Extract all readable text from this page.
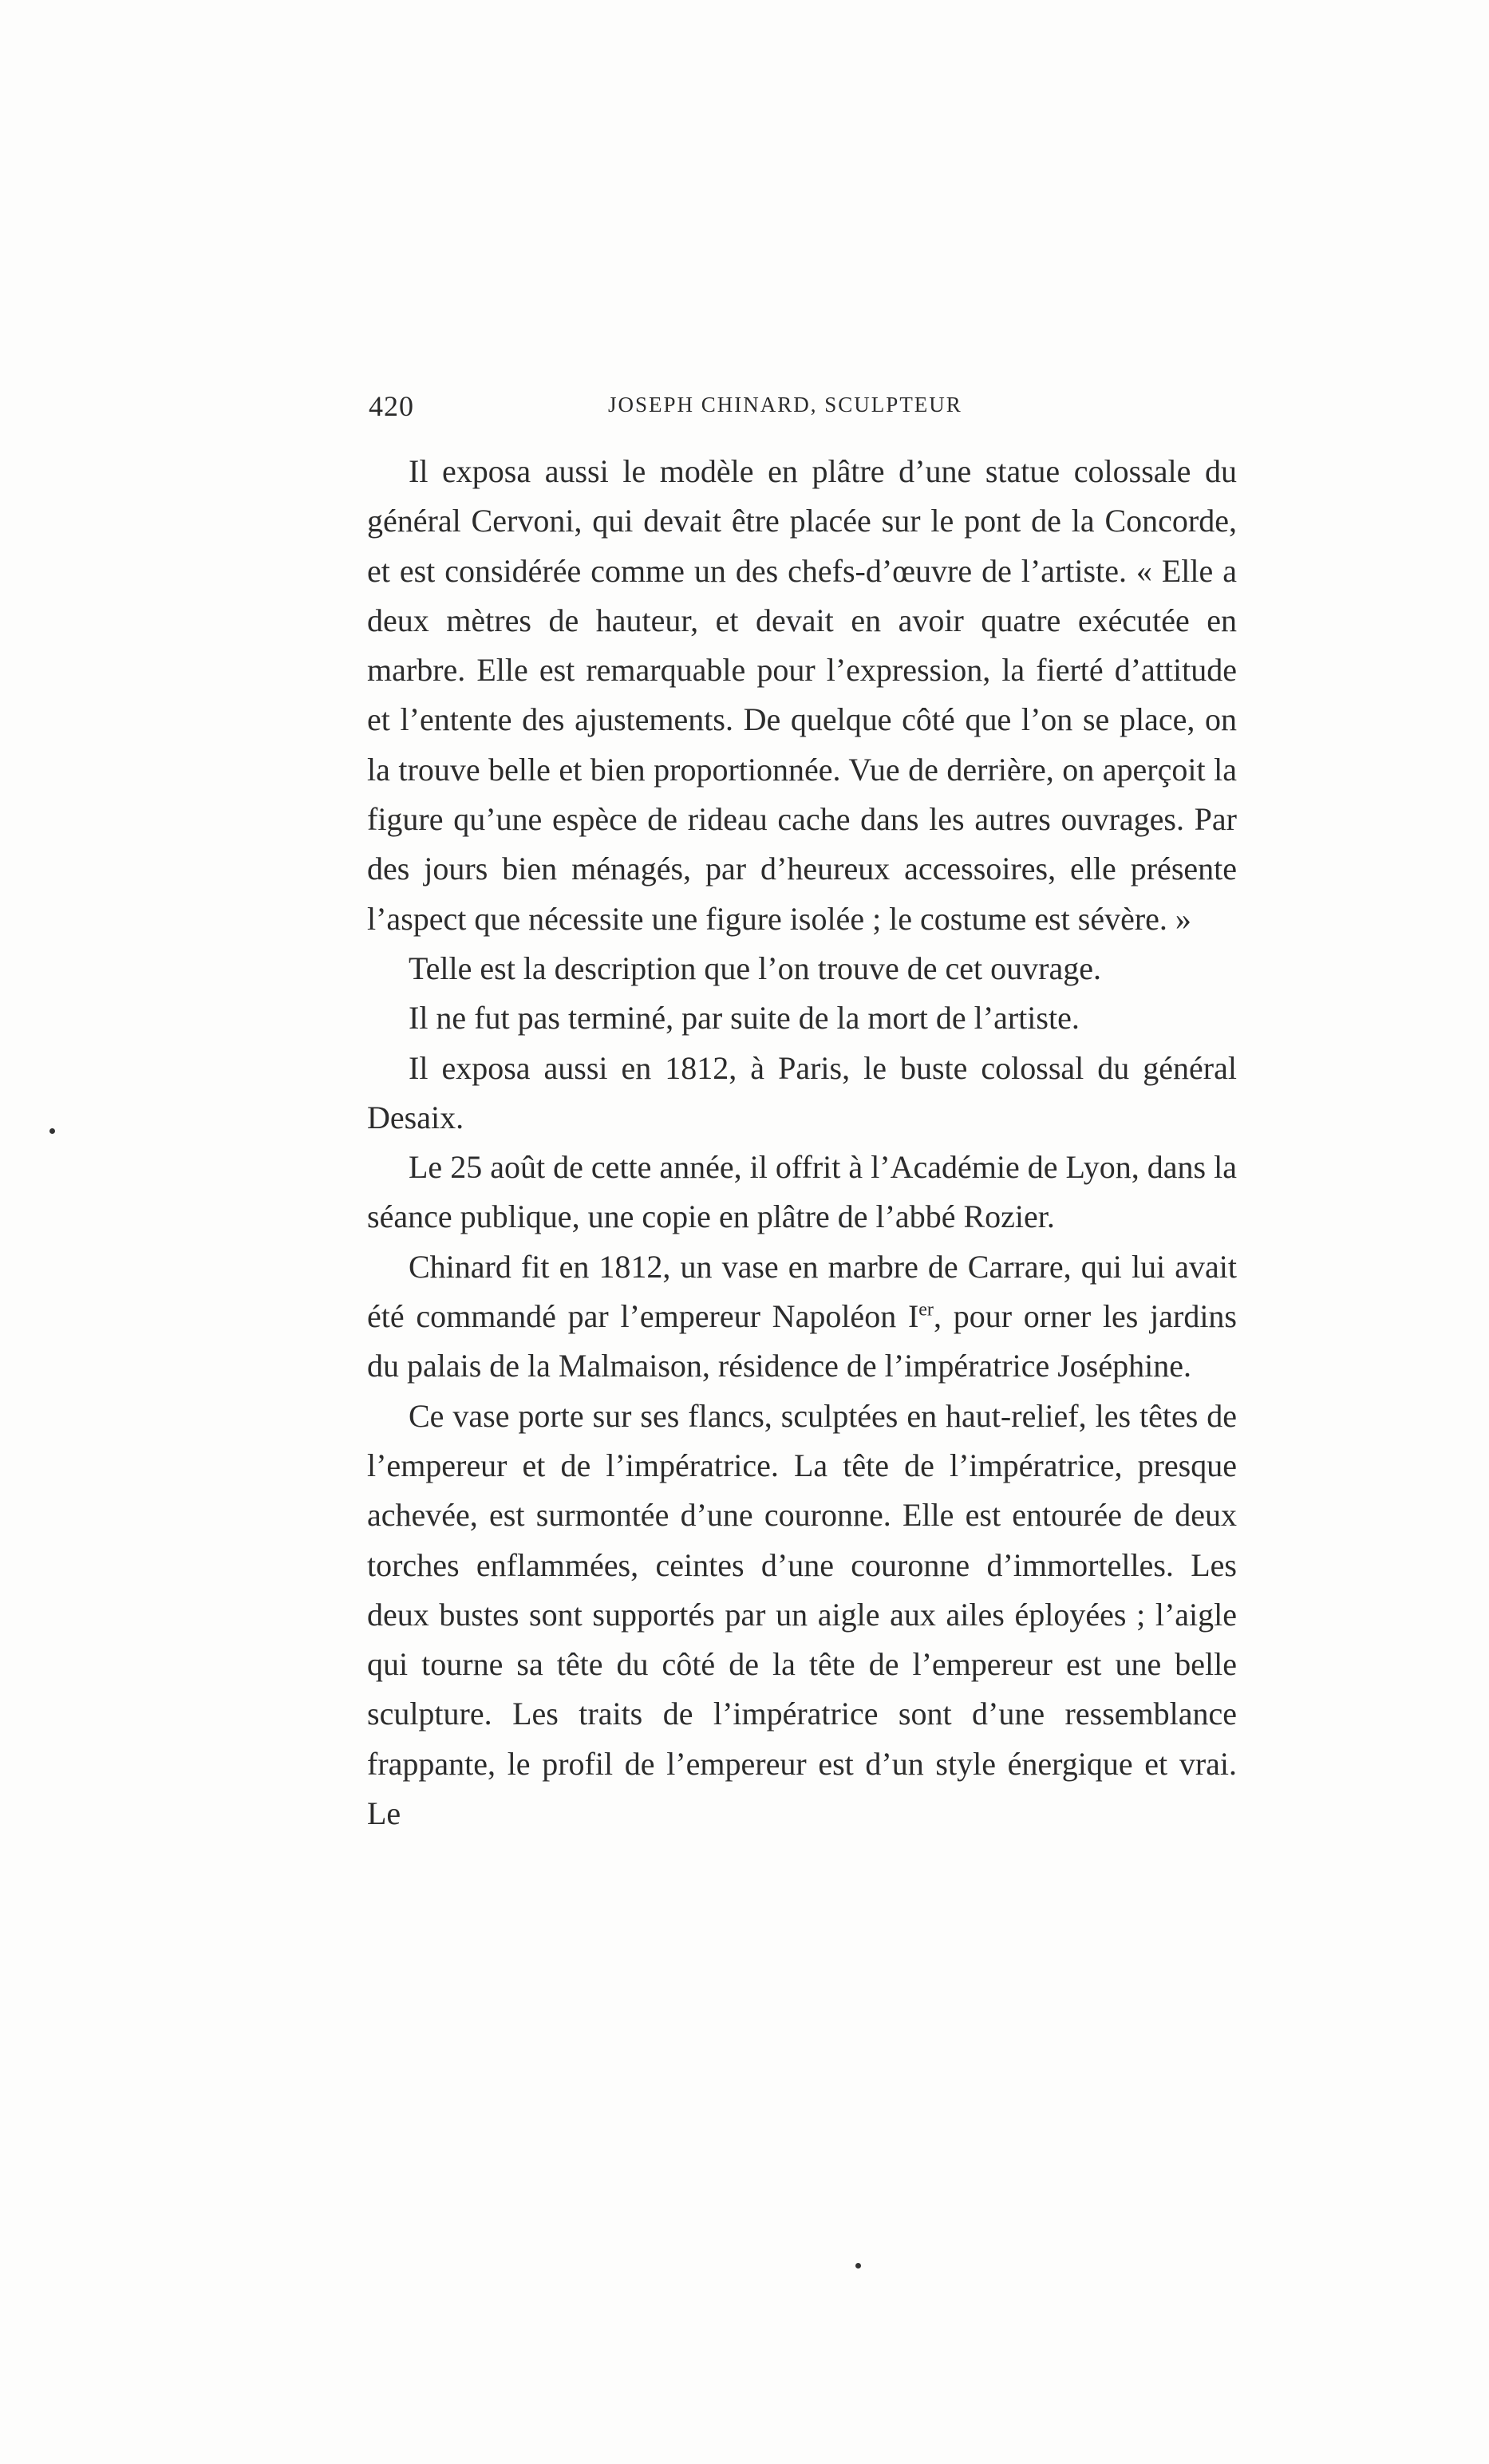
420	JOSEPH CHINARD, SCULPTEUR

Il exposa aussi le modèle en plâtre d’une statue colossale du général Cervoni, qui devait être placée sur le pont de la Concorde, et est considérée comme un des chefs-d’œuvre de l’artiste. « Elle a deux mètres de hauteur, et devait en avoir quatre exécutée en marbre. Elle est remarquable pour l’expression, la fierté d’attitude et l’entente des ajustements. De quelque côté que l’on se place, on la trouve belle et bien proportionnée. Vue de derrière, on aperçoit la figure qu’une espèce de rideau cache dans les autres ouvrages. Par des jours bien ménagés, par d’heureux accessoires, elle présente l’aspect que nécessite une figure isolée ; le costume est sévère. »

Telle est la description que l’on trouve de cet ouvrage.

Il ne fut pas terminé, par suite de la mort de l’artiste.

Il exposa aussi en 1812, à Paris, le buste colossal du général Desaix.

Le 25 août de cette année, il offrit à l’Académie de Lyon, dans la séance publique, une copie en plâtre de l’abbé Rozier.

Chinard fit en 1812, un vase en marbre de Carrare, qui lui avait été commandé par l’empereur Napoléon Ier, pour orner les jardins du palais de la Malmaison, résidence de l’impératrice Joséphine.

Ce vase porte sur ses flancs, sculptées en haut-relief, les têtes de l’empereur et de l’impératrice. La tête de l’impératrice, presque achevée, est surmontée d’une couronne. Elle est entourée de deux torches enflammées, ceintes d’une couronne d’immortelles. Les deux bustes sont supportés par un aigle aux ailes éployées ; l’aigle qui tourne sa tête du côté de la tête de l’empereur est une belle sculpture. Les traits de l’impératrice sont d’une ressemblance frappante, le profil de l’empereur est d’un style énergique et vrai. Le
